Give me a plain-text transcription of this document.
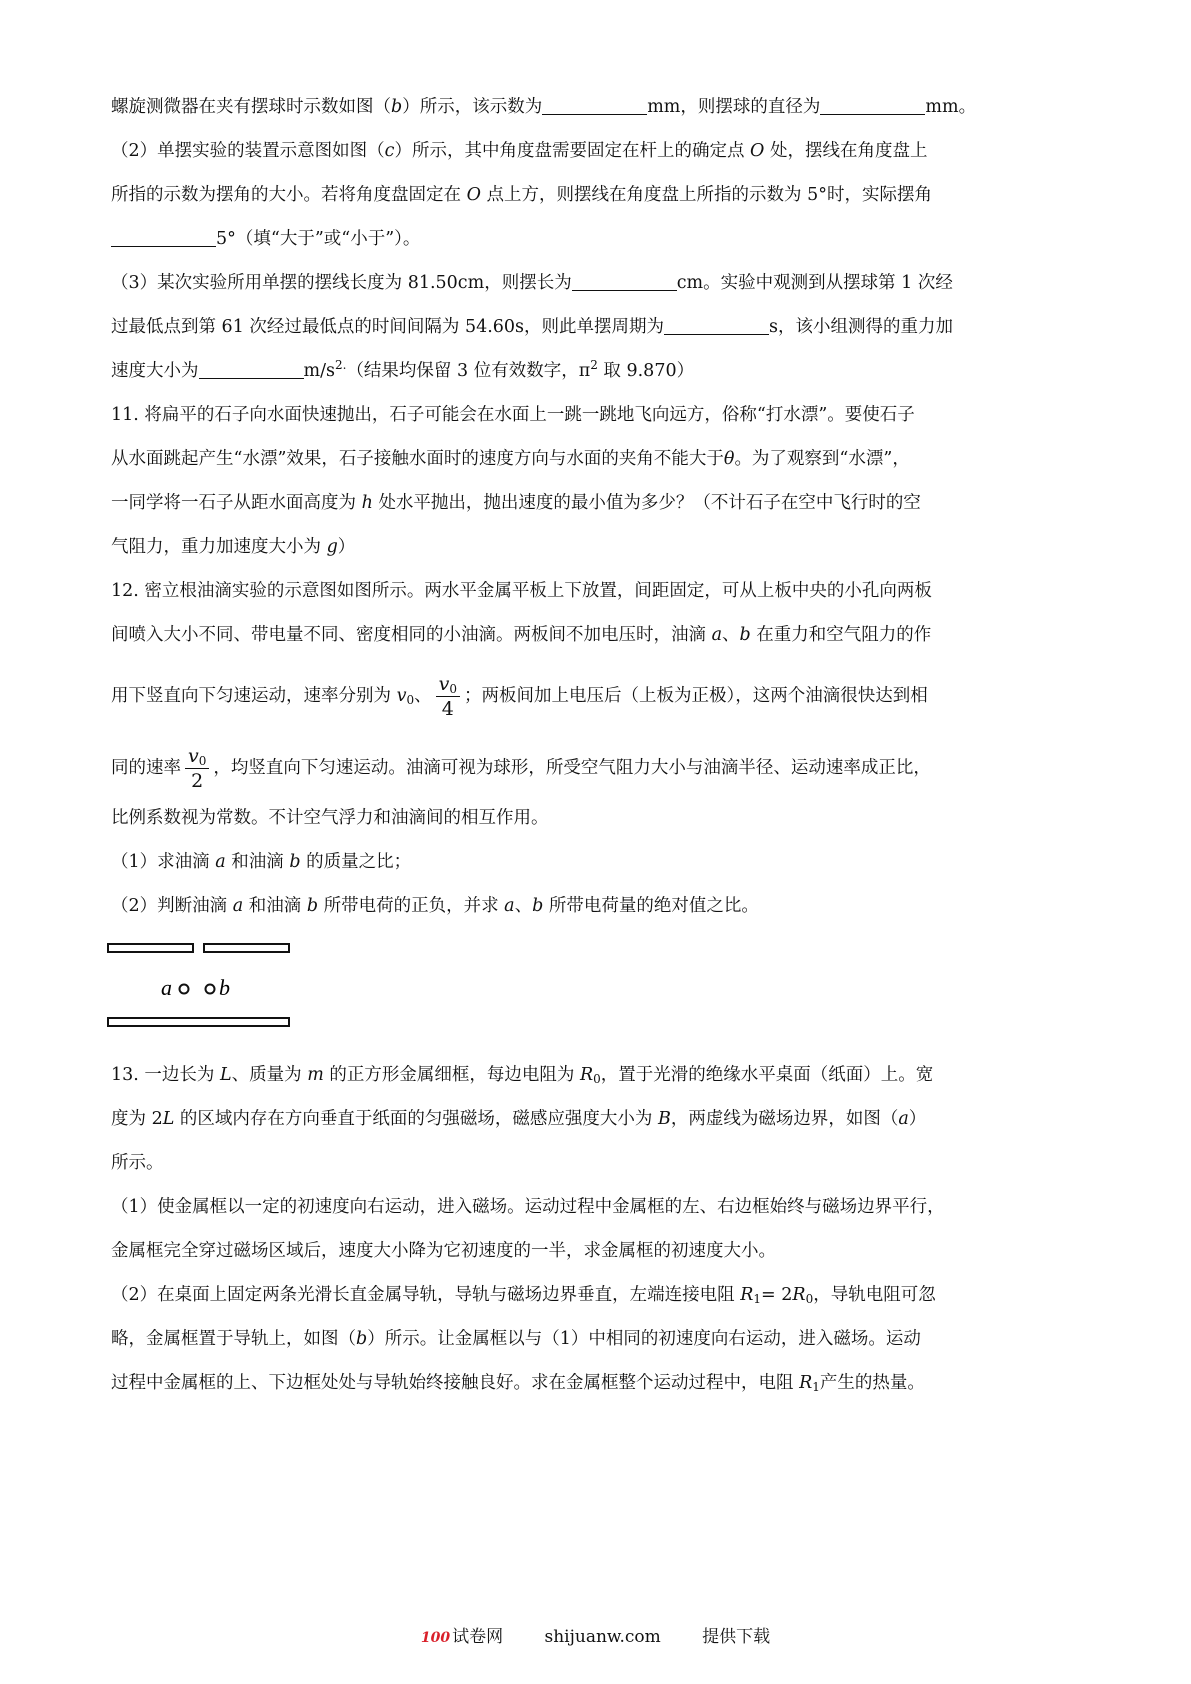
螺旋测微器在夹有摆球时示数如图（b）所示，该示数为	mm，则摆球的直径为	mm。
（2）单摆实验的装置示意图如图（c）所示，其中角度盘需要固定在杆上的确定点 O 处，摆线在角度盘上
所指的示数为摆角的大小。若将角度盘固定在 O 点上方，则摆线在角度盘上所指的示数为 5°时，实际摆角
5°（填“大于”或“小于”）。
（3）某次实验所用单摆的摆线长度为 81.50cm，则摆长为	cm。实验中观测到从摆球第 1 次经
过最低点到第 61 次经过最低点的时间间隔为 54.60s，则此单摆周期为	s，该小组测得的重力加
速度大小为	$m/s^{2.}$（结果均保留 3 位有效数字，$\pi^2$ 取 9.870）
11. 将扁平的石子向水面快速抛出，石子可能会在水面上一跳一跳地飞向远方，俗称“打水漂”。要使石子
从水面跳起产生“水漂”效果，石子接触水面时的速度方向与水面的夹角不能大于θ。为了观察到“水漂”，
一同学将一石子从距水面高度为 h 处水平抛出，抛出速度的最小值为多少？（不计石子在空中飞行时的空
气阻力，重力加速度大小为 g）
12. 密立根油滴实验的示意图如图所示。两水平金属平板上下放置，间距固定，可从上板中央的小孔向两板
间喷入大小不同、带电量不同、密度相同的小油滴。两板间不加电压时，油滴 a、b 在重力和空气阻力的作
用下竖直向下匀速运动，速率分别为 $v_0$、 $\frac{v_0}{4}$ ；两板间加上电压后（上板为正极），这两个油滴很快达到相
同的速率 $\frac{v_0}{2}$ ，均竖直向下匀速运动。油滴可视为球形，所受空气阻力大小与油滴半径、运动速率成正比，
比例系数视为常数。不计空气浮力和油滴间的相互作用。
（1）求油滴 a 和油滴 b 的质量之比；
（2）判断油滴 a 和油滴 b 所带电荷的正负，并求 a、b 所带电荷量的绝对值之比。
a b
13. 一边长为 L、质量为 m 的正方形金属细框，每边电阻为 $R_0$，置于光滑的绝缘水平桌面（纸面）上。宽
度为 2L 的区域内存在方向垂直于纸面的匀强磁场，磁感应强度大小为 B，两虚线为磁场边界，如图（a）
所示。
（1）使金属框以一定的初速度向右运动，进入磁场。运动过程中金属框的左、右边框始终与磁场边界平行，
金属框完全穿过磁场区域后，速度大小降为它初速度的一半，求金属框的初速度大小。
（2）在桌面上固定两条光滑长直金属导轨，导轨与磁场边界垂直，左端连接电阻 $R_1= 2R_0$，导轨电阻可忽
略，金属框置于导轨上，如图（b）所示。让金属框以与（1）中相同的初速度向右运动，进入磁场。运动
过程中金属框的上、下边框处处与导轨始终接触良好。求在金属框整个运动过程中，电阻 $R_1$产生的热量。
100 试卷网 shijuanw.com 提供下载
